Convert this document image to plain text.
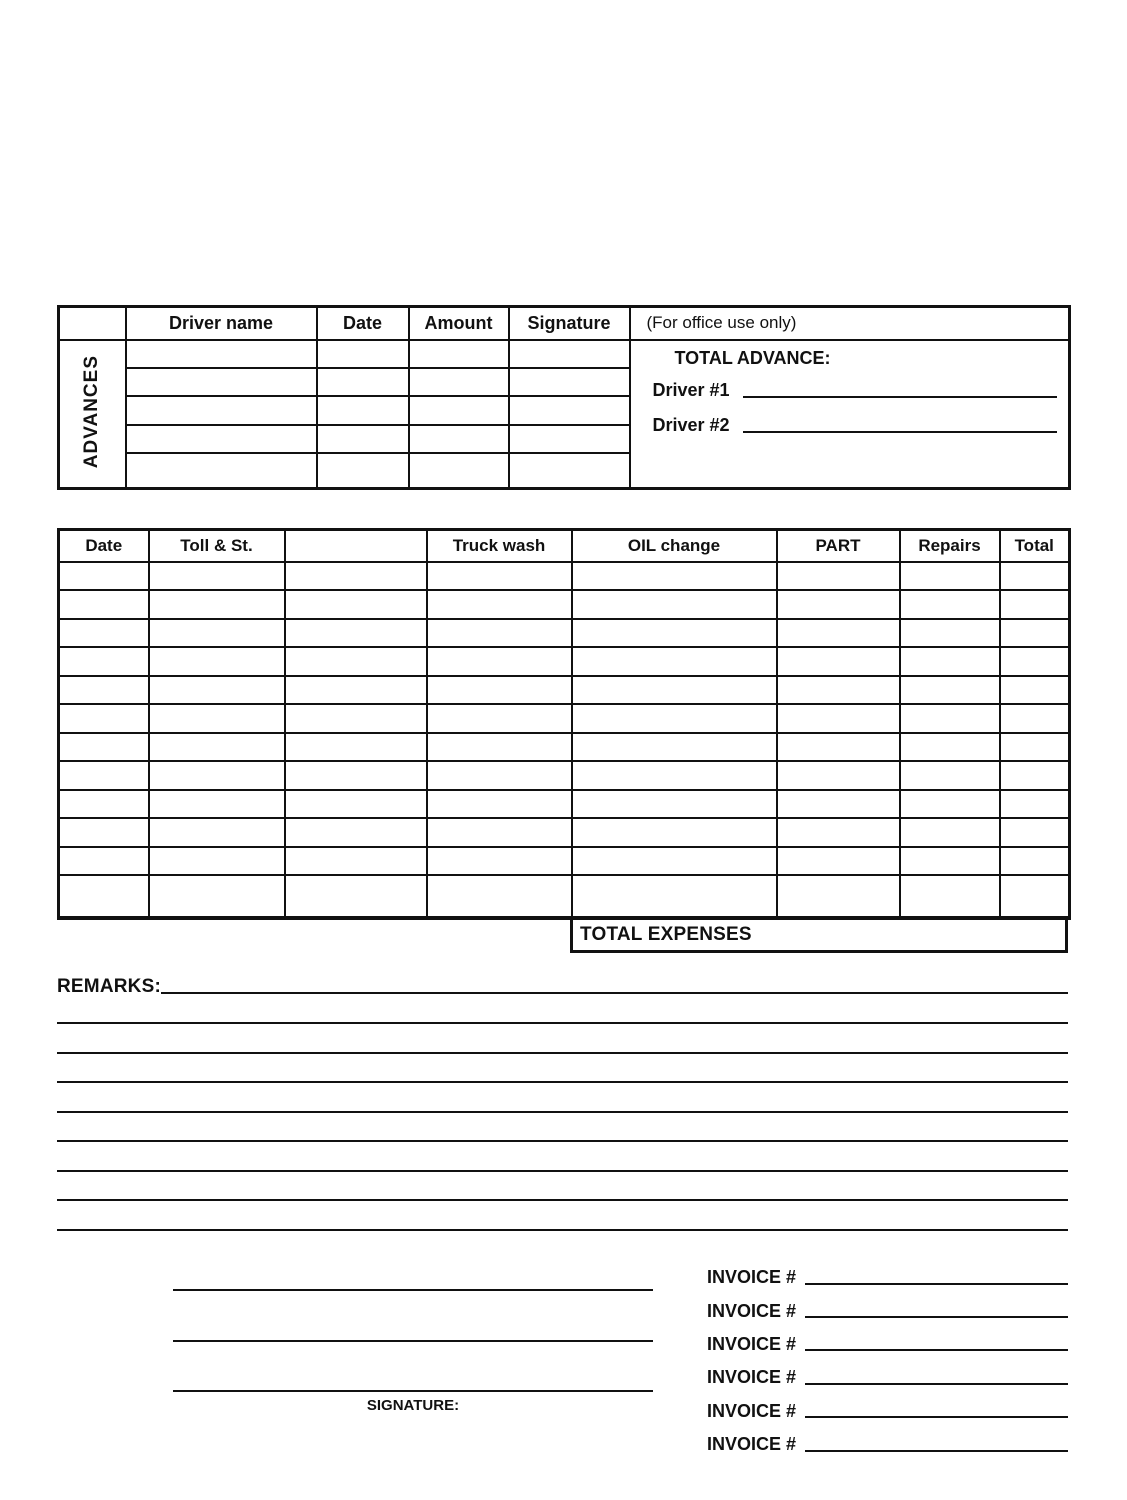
	Driver name	Date	Amount	Signature	(For office use only)
ADVANCES					TOTAL ADVANCE:
Driver #1
Driver #2

Date	Toll & St.		Truck wash	OIL change	PART	Repairs	Total

TOTAL EXPENSES
REMARKS:
SIGNATURE:
INVOICE #
INVOICE #
INVOICE #
INVOICE #
INVOICE #
INVOICE #
